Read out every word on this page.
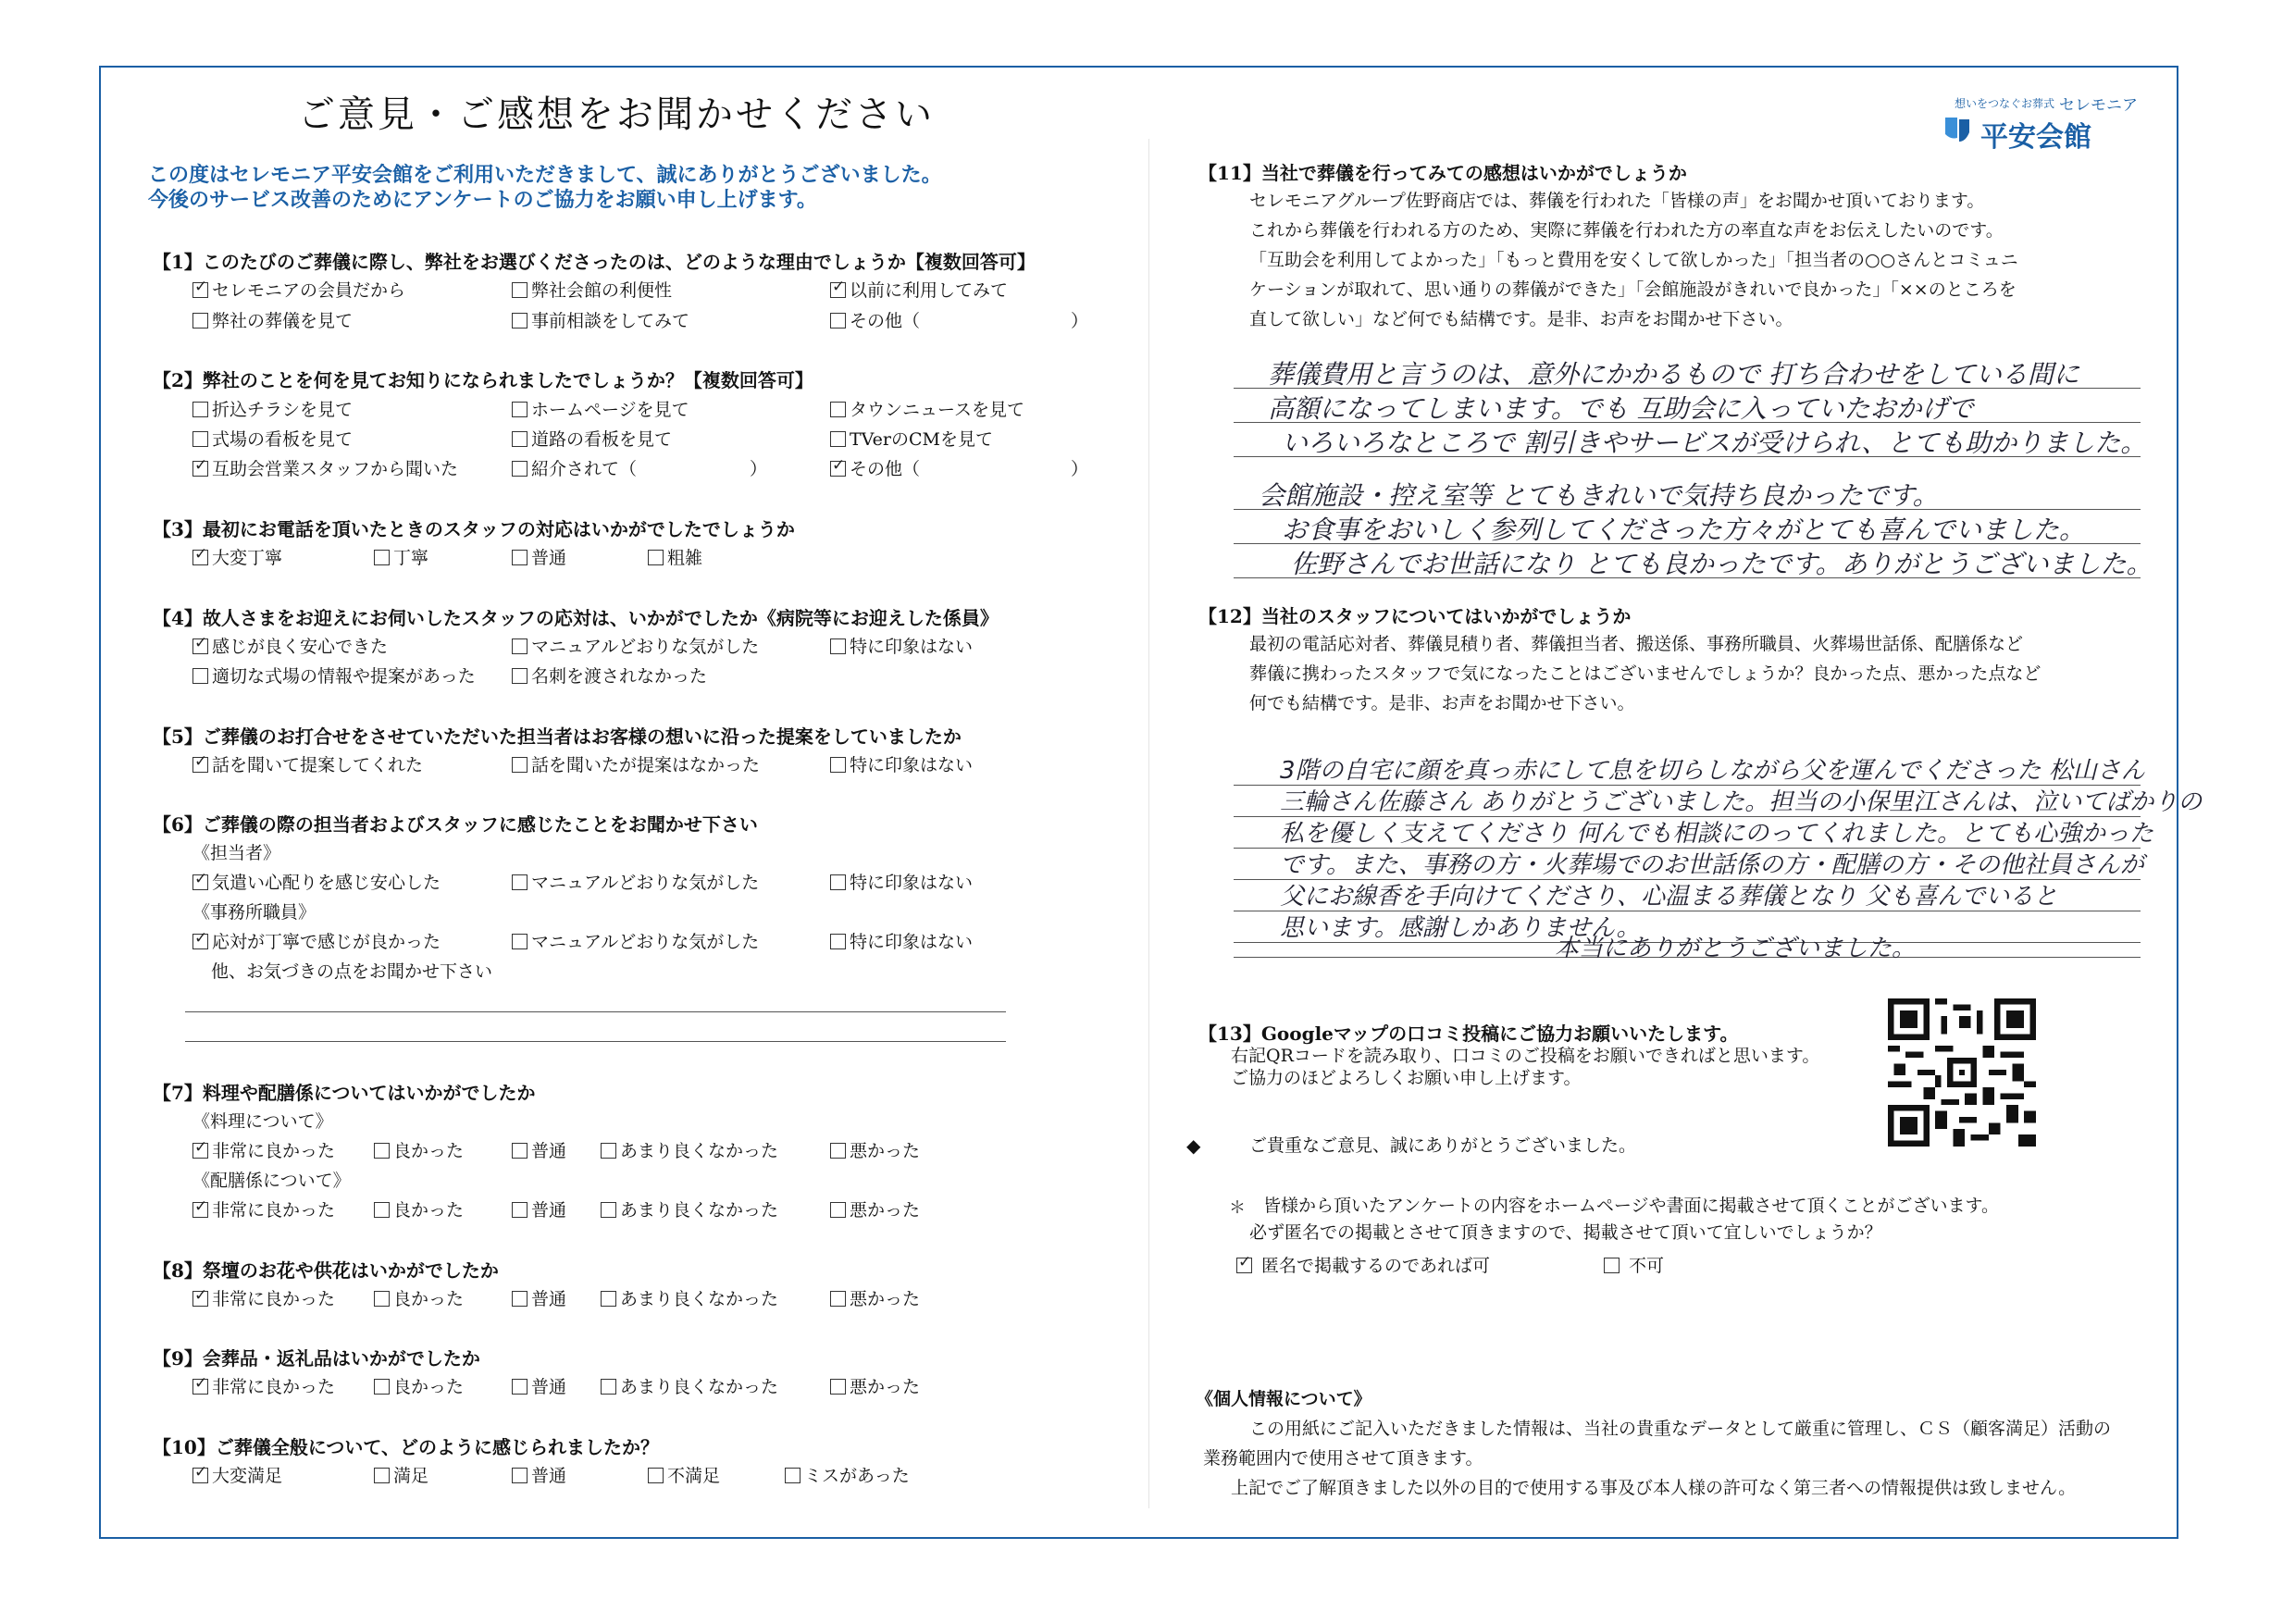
ご意見・ご感想をお聞かせください
この度はセレモニア平安会館をご利用いただきまして、誠にありがとうございました。
今後のサービス改善のためにアンケートのご協力をお願い申し上げます。
想いをつなぐお葬式 セレモニア
平安会館
【1】このたびのご葬儀に際し、弊社をお選びくださったのは、どのような理由でしょうか【複数回答可】
✓セレモニアの会員だから	弊社会館の利便性 ✓	以前に利用してみて
弊社の葬儀を見て	事前相談をしてみて	その他（	）
【2】弊社のことを何を見てお知りになられましたでしょうか？【複数回答可】
折込チラシを見て	ホームページを見て	タウンニュースを見て
式場の看板を見て	道路の看板を見て	TVerのCMを見て
✓互助会営業スタッフから聞いた	紹介されて（	） ✓	その他（	）
【3】最初にお電話を頂いたときのスタッフの対応はいかがでしたでしょうか
✓大変丁寧	丁寧	普通	粗雑
【4】故人さまをお迎えにお伺いしたスタッフの応対は、いかがでしたか《病院等にお迎えした係員》
✓感じが良く安心できた	マニュアルどおりな気がした	特に印象はない
適切な式場の情報や提案があった	名刺を渡されなかった
【5】ご葬儀のお打合せをさせていただいた担当者はお客様の想いに沿った提案をしていましたか
✓話を聞いて提案してくれた	話を聞いたが提案はなかった	特に印象はない
【6】ご葬儀の際の担当者およびスタッフに感じたことをお聞かせ下さい
《担当者》
✓気遣い心配りを感じ安心した	マニュアルどおりな気がした	特に印象はない
《事務所職員》
✓応対が丁寧で感じが良かった	マニュアルどおりな気がした	特に印象はない
他、お気づきの点をお聞かせ下さい
【7】料理や配膳係についてはいかがでしたか
《料理について》
✓非常に良かった	良かった	普通	あまり良くなかった	悪かった
《配膳係について》
✓非常に良かった	良かった	普通	あまり良くなかった	悪かった
【8】祭壇のお花や供花はいかがでしたか
✓非常に良かった	良かった	普通	あまり良くなかった	悪かった
【9】会葬品・返礼品はいかがでしたか
✓非常に良かった	良かった	普通	あまり良くなかった	悪かった
【10】ご葬儀全般について、どのように感じられましたか？
✓大変満足	満足	普通	不満足	ミスがあった
【11】当社で葬儀を行ってみての感想はいかがでしょうか
セレモニアグループ佐野商店では、葬儀を行われた「皆様の声」をお聞かせ頂いております。
これから葬儀を行われる方のため、実際に葬儀を行われた方の率直な声をお伝えしたいのです。
「互助会を利用してよかった」「もっと費用を安くして欲しかった」「担当者の○○さんとコミュニ
ケーションが取れて、思い通りの葬儀ができた」「会館施設がきれいで良かった」「××のところを
直して欲しい」など何でも結構です。是非、お声をお聞かせ下さい。
葬儀費用と言うのは、意外にかかるもので 打ち合わせをしている間に
高額になってしまいます。でも 互助会に入っていたおかげで
いろいろなところで 割引きやサービスが受けられ、とても助かりました。
会館施設・控え室等 とてもきれいで気持ち良かったです。
お食事をおいしく参列してくださった方々がとても喜んでいました。
佐野さんでお世話になり とても良かったです。ありがとうございました。
【12】当社のスタッフについてはいかがでしょうか
最初の電話応対者、葬儀見積り者、葬儀担当者、搬送係、事務所職員、火葬場世話係、配膳係など
葬儀に携わったスタッフで気になったことはございませんでしょうか？良かった点、悪かった点など
何でも結構です。是非、お声をお聞かせ下さい。
3階の自宅に顔を真っ赤にして息を切らしながら父を運んでくださった 松山さん
三輪さん佐藤さん ありがとうございました。担当の小保里江さんは、泣いてばかりの
私を優しく支えてくださり 何んでも相談にのってくれました。とても心強かった
です。また、事務の方・火葬場でのお世話係の方・配膳の方・その他社員さんが
父にお線香を手向けてくださり、心温まる葬儀となり 父も喜んでいると
思います。感謝しかありません。
本当にありがとうございました。
【13】Googleマップの口コミ投稿にご協力お願いいたします。
右記QRコードを読み取り、口コミのご投稿をお願いできればと思います。
ご協力のほどよろしくお願い申し上げます。
◆	ご貴重なご意見、誠にありがとうございました。
＊ 皆様から頂いたアンケートの内容をホームページや書面に掲載させて頂くことがございます。
必ず匿名での掲載とさせて頂きますので、掲載させて頂いて宜しいでしょうか？
✓ 匿名で掲載するのであれば可	不可
《個人情報について》
この用紙にご記入いただきました情報は、当社の貴重なデータとして厳重に管理し、ＣＳ（顧客満足）活動の
業務範囲内で使用させて頂きます。
上記でご了解頂きました以外の目的で使用する事及び本人様の許可なく第三者への情報提供は致しません。
